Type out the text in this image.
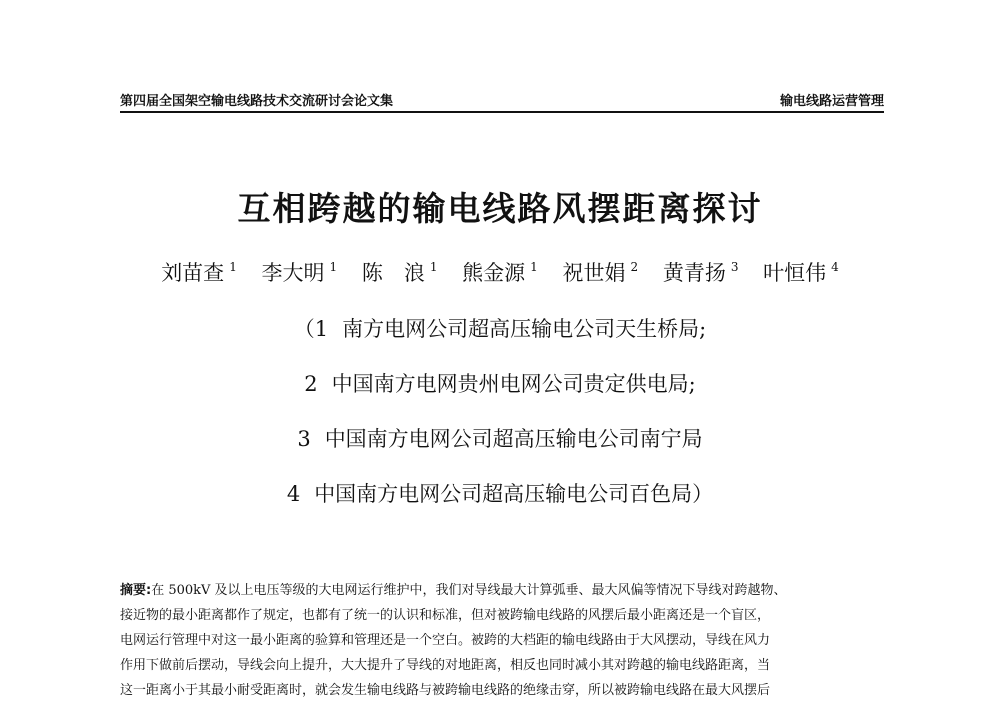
第四届全国架空输电线路技术交流研讨会论文集	输电线路运营管理
互相跨越的输电线路风摆距离探讨
刘苗查 $^1$ 李大明 $^1$ 陈　浪 $^1$ 熊金源 $^1$ 祝世娟 $^2$ 黄青扬 $^3$ 叶恒伟 $^4$
（1 南方电网公司超高压输电公司天生桥局;
2 中国南方电网贵州电网公司贵定供电局;
3 中国南方电网公司超高压输电公司南宁局
4 中国南方电网公司超高压输电公司百色局）
摘要:在 500kV 及以上电压等级的大电网运行维护中，我们对导线最大计算弧垂、最大风偏等情况下导线对跨越物、
接近物的最小距离都作了规定，也都有了统一的认识和标准，但对被跨输电线路的风摆后最小距离还是一个盲区，
电网运行管理中对这一最小距离的验算和管理还是一个空白。被跨的大档距的输电线路由于大风摆动，导线在风力
作用下做前后摆动，导线会向上提升，大大提升了导线的对地距离，相反也同时减小其对跨越的输电线路距离，当
这一距离小于其最小耐受距离时，就会发生输电线路与被跨输电线路的绝缘击穿，所以被跨输电线路在最大风摆后
